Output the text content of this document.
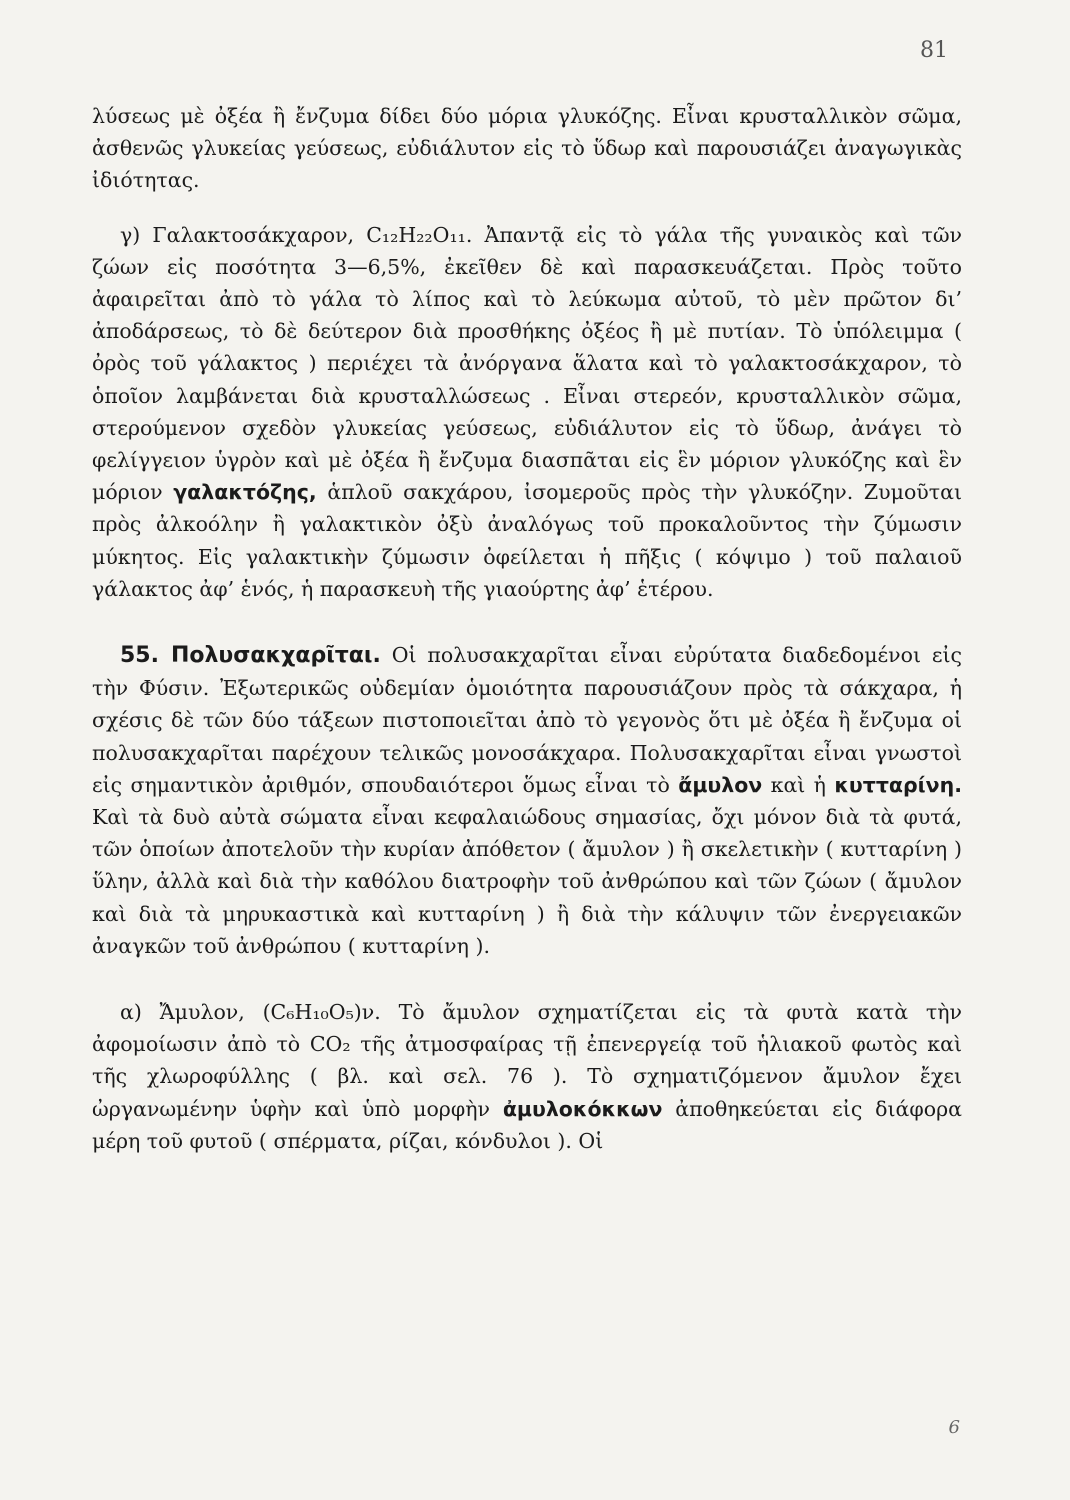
81

λύσεως μὲ ὀξέα ἢ ἔνζυμα δίδει δύο μόρια γλυκόζης. Εἶναι κρυσταλλικὸν σῶμα, ἀσθενῶς γλυκείας γεύσεως, εὐδιάλυτον εἰς τὸ ὕδωρ καὶ παρουσιάζει ἀναγωγικὰς ἰδιότητας.

γ) Γαλακτοσάκχαρον, C₁₂H₂₂O₁₁. Ἀπαντᾷ εἰς τὸ γάλα τῆς γυναικὸς καὶ τῶν ζώων εἰς ποσότητα 3—6,5%, ἐκεῖθεν δὲ καὶ παρασκευάζεται. Πρὸς τοῦτο ἀφαιρεῖται ἀπὸ τὸ γάλα τὸ λίπος καὶ τὸ λεύκωμα αὐτοῦ, τὸ μὲν πρῶτον δι’ ἀποδάρσεως, τὸ δὲ δεύτερον διὰ προσθήκης ὀξέος ἢ μὲ πυτίαν. Τὸ ὑπόλειμμα ( ὀρὸς τοῦ γάλακτος ) περιέχει τὰ ἀνόργανα ἅλατα καὶ τὸ γαλακτοσάκχαρον, τὸ ὁποῖον λαμβάνεται διὰ κρυσταλλώσεως . Εἶναι στερεόν, κρυσταλλικὸν σῶμα, στερούμενον σχεδὸν γλυκείας γεύσεως, εὐδιάλυτον εἰς τὸ ὕδωρ, ἀνάγει τὸ φελίγγειον ὑγρὸν καὶ μὲ ὀξέα ἢ ἔνζυμα διασπᾶται εἰς ἓν μόριον γλυκόζης καὶ ἓν μόριον γαλακτόζης, ἁπλοῦ σακχάρου, ἰσομεροῦς πρὸς τὴν γλυκόζην. Ζυμοῦται πρὸς ἀλκοόλην ἢ γαλακτικὸν ὀξὺ ἀναλόγως τοῦ προκαλοῦντος τὴν ζύμωσιν μύκητος. Εἰς γαλακτικὴν ζύμωσιν ὀφείλεται ἡ πῆξις ( κόψιμο ) τοῦ παλαιοῦ γάλακτος ἀφ’ ἑνός, ἡ παρασκευὴ τῆς γιαούρτης ἀφ’ ἑτέρου.

55. Πολυσακχαρῖται. Οἱ πολυσακχαρῖται εἶναι εὐρύτατα διαδεδομένοι εἰς τὴν Φύσιν. Ἐξωτερικῶς οὐδεμίαν ὁμοιότητα παρουσιάζουν πρὸς τὰ σάκχαρα, ἡ σχέσις δὲ τῶν δύο τάξεων πιστοποιεῖται ἀπὸ τὸ γεγονὸς ὅτι μὲ ὀξέα ἢ ἔνζυμα οἱ πολυσακχαρῖται παρέχουν τελικῶς μονοσάκχαρα. Πολυσακχαρῖται εἶναι γνωστοὶ εἰς σημαντικὸν ἀριθμόν, σπουδαιότεροι ὅμως εἶναι τὸ ἄμυλον καὶ ἡ κυτταρίνη. Καὶ τὰ δυὸ αὐτὰ σώματα εἶναι κεφαλαιώδους σημασίας, ὄχι μόνον διὰ τὰ φυτά, τῶν ὁποίων ἀποτελοῦν τὴν κυρίαν ἀπόθετον ( ἄμυλον ) ἢ σκελετικὴν ( κυτταρίνη ) ὕλην, ἀλλὰ καὶ διὰ τὴν καθόλου διατροφὴν τοῦ ἀνθρώπου καὶ τῶν ζώων ( ἄμυλον καὶ διὰ τὰ μηρυκαστικὰ καὶ κυτταρίνη ) ἢ διὰ τὴν κάλυψιν τῶν ἐνεργειακῶν ἀναγκῶν τοῦ ἀνθρώπου ( κυτταρίνη ).

α) Ἄμυλον, (C₆H₁₀O₅)ν. Τὸ ἄμυλον σχηματίζεται εἰς τὰ φυτὰ κατὰ τὴν ἀφομοίωσιν ἀπὸ τὸ CO₂ τῆς ἀτμοσφαίρας τῇ ἐπενεργείᾳ τοῦ ἡλιακοῦ φωτὸς καὶ τῆς χλωροφύλλης ( βλ. καὶ σελ. 76 ). Τὸ σχηματιζόμενον ἄμυλον ἔχει ὠργανωμένην ὑφὴν καὶ ὑπὸ μορφὴν ἀμυλοκόκκων ἀποθηκεύεται εἰς διάφορα μέρη τοῦ φυτοῦ ( σπέρματα, ρίζαι, κόνδυλοι ). Οἱ

6
